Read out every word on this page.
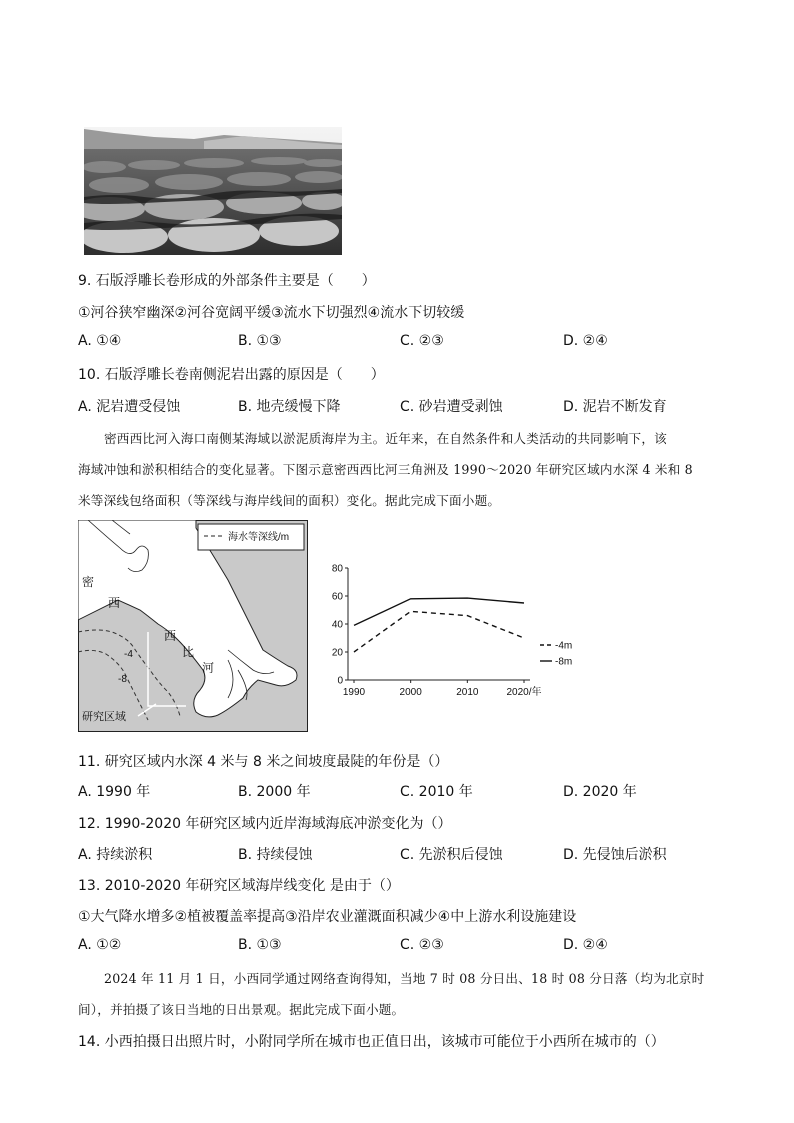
9. 石版浮雕长卷形成的外部条件主要是（　　）
①河谷狭窄幽深②河谷宽阔平缓③流水下切强烈④流水下切较缓
A. ①④	B. ①③	C. ②③	D. ②④
10. 石版浮雕长卷南侧泥岩出露的原因是（　　）
A. 泥岩遭受侵蚀	B. 地壳缓慢下降	C. 砂岩遭受剥蚀	D. 泥岩不断发育
密西西比河入海口南侧某海域以淤泥质海岸为主。近年来，在自然条件和人类活动的共同影响下，该
海域冲蚀和淤积相结合的变化显著。下图示意密西西比河三角洲及 1990～2020 年研究区域内水深 4 米和 8
米等深线包络面积（等深线与海岸线间的面积）变化。据此完成下面小题。
海水等深线/m
密
西
西
比
河
-4
-8
研究区域
0
20
40
60
80
1990	2000	2010	2020/年
-4m
-8m
11. 研究区域内水深 4 米与 8 米之间坡度最陡的年份是（）
A. 1990 年	B. 2000 年	C. 2010 年	D. 2020 年
12. 1990-2020 年研究区域内近岸海域海底冲淤变化为（）
A. 持续淤积	B. 持续侵蚀	C. 先淤积后侵蚀	D. 先侵蚀后淤积
13. 2010-2020 年研究区域海岸线变化 是由于（）
①大气降水增多②植被覆盖率提高③沿岸农业灌溉面积减少④中上游水利设施建设
A. ①②	B. ①③	C. ②③	D. ②④
2024 年 11 月 1 日，小西同学通过网络查询得知，当地 7 时 08 分日出、18 时 08 分日落（均为北京时
间），并拍摄了该日当地的日出景观。据此完成下面小题。
14. 小西拍摄日出照片时，小附同学所在城市也正值日出，该城市可能位于小西所在城市的（）
